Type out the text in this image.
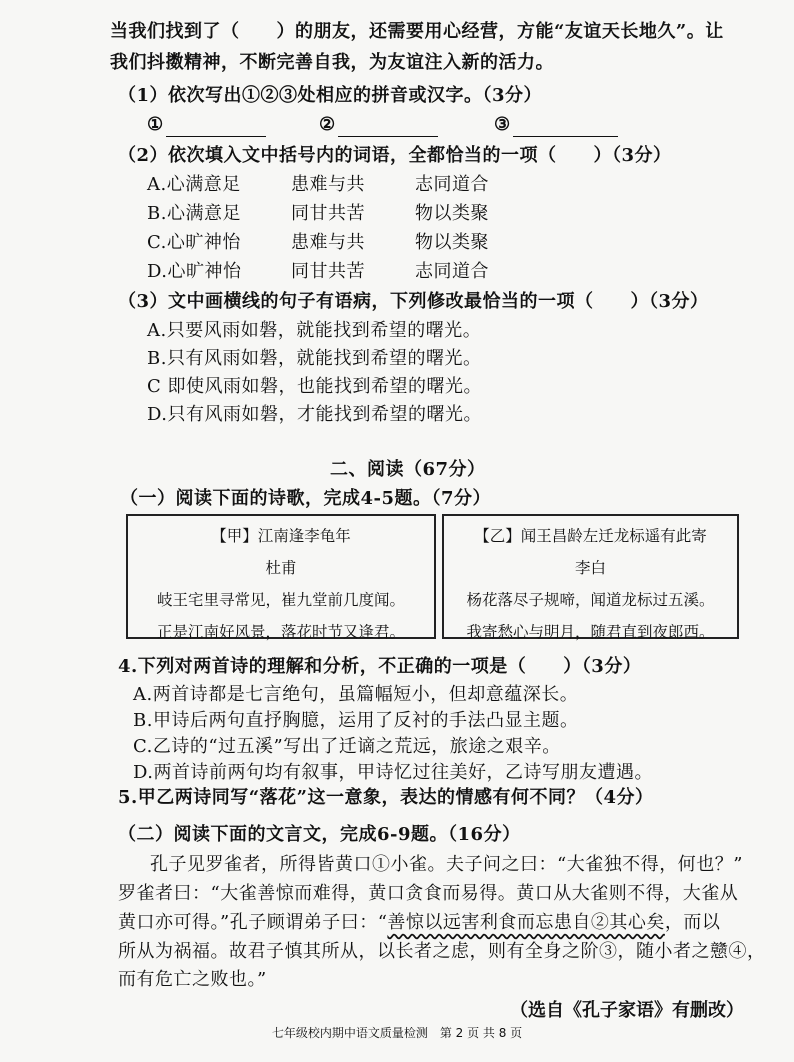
当我们找到了（　　）的朋友，还需要用心经营，方能“友谊天长地久”。让
我们抖擞精神，不断完善自我，为友谊注入新的活力。
（1）依次写出①②③处相应的拼音或汉字。（3分）
①	②	③
（2）依次填入文中括号内的词语，全都恰当的一项（　　）（3分）
A.心满意足	患难与共	志同道合
B.心满意足	同甘共苦	物以类聚
C.心旷神怡	患难与共	物以类聚
D.心旷神怡	同甘共苦	志同道合
（3）文中画横线的句子有语病，下列修改最恰当的一项（　　）（3分）
A.只要风雨如磐，就能找到希望的曙光。
B.只有风雨如磐，就能找到希望的曙光。
C 即使风雨如磐，也能找到希望的曙光。
D.只有风雨如磐，才能找到希望的曙光。
二、阅读（67分）
（一）阅读下面的诗歌，完成4-5题。（7分）
【甲】江南逢李龟年
杜甫
岐王宅里寻常见，崔九堂前几度闻。
正是江南好风景，落花时节又逢君。
【乙】闻王昌龄左迁龙标遥有此寄
李白
杨花落尽子规啼，闻道龙标过五溪。
我寄愁心与明月，随君直到夜郎西。
4.下列对两首诗的理解和分析，不正确的一项是（　　）（3分）
A.两首诗都是七言绝句，虽篇幅短小，但却意蕴深长。
B.甲诗后两句直抒胸臆，运用了反衬的手法凸显主题。
C.乙诗的“过五溪”写出了迁谪之荒远，旅途之艰辛。
D.两首诗前两句均有叙事，甲诗忆过往美好，乙诗写朋友遭遇。
5.甲乙两诗同写“落花”这一意象，表达的情感有何不同？（4分）
（二）阅读下面的文言文，完成6-9题。（16分）
孔子见罗雀者，所得皆黄口①小雀。夫子问之曰：“大雀独不得，何也？”
罗雀者曰：“大雀善惊而难得，黄口贪食而易得。黄口从大雀则不得，大雀从
黄口亦可得。”孔子顾谓弟子曰：“善惊以远害利食而忘患自②其心矣，而以
所从为祸福。故君子慎其所从，以长者之虑，则有全身之阶③，随小者之戆④，
而有危亡之败也。”
（选自《孔子家语》有删改）
七年级校内期中语文质量检测　第 2 页 共 8 页
